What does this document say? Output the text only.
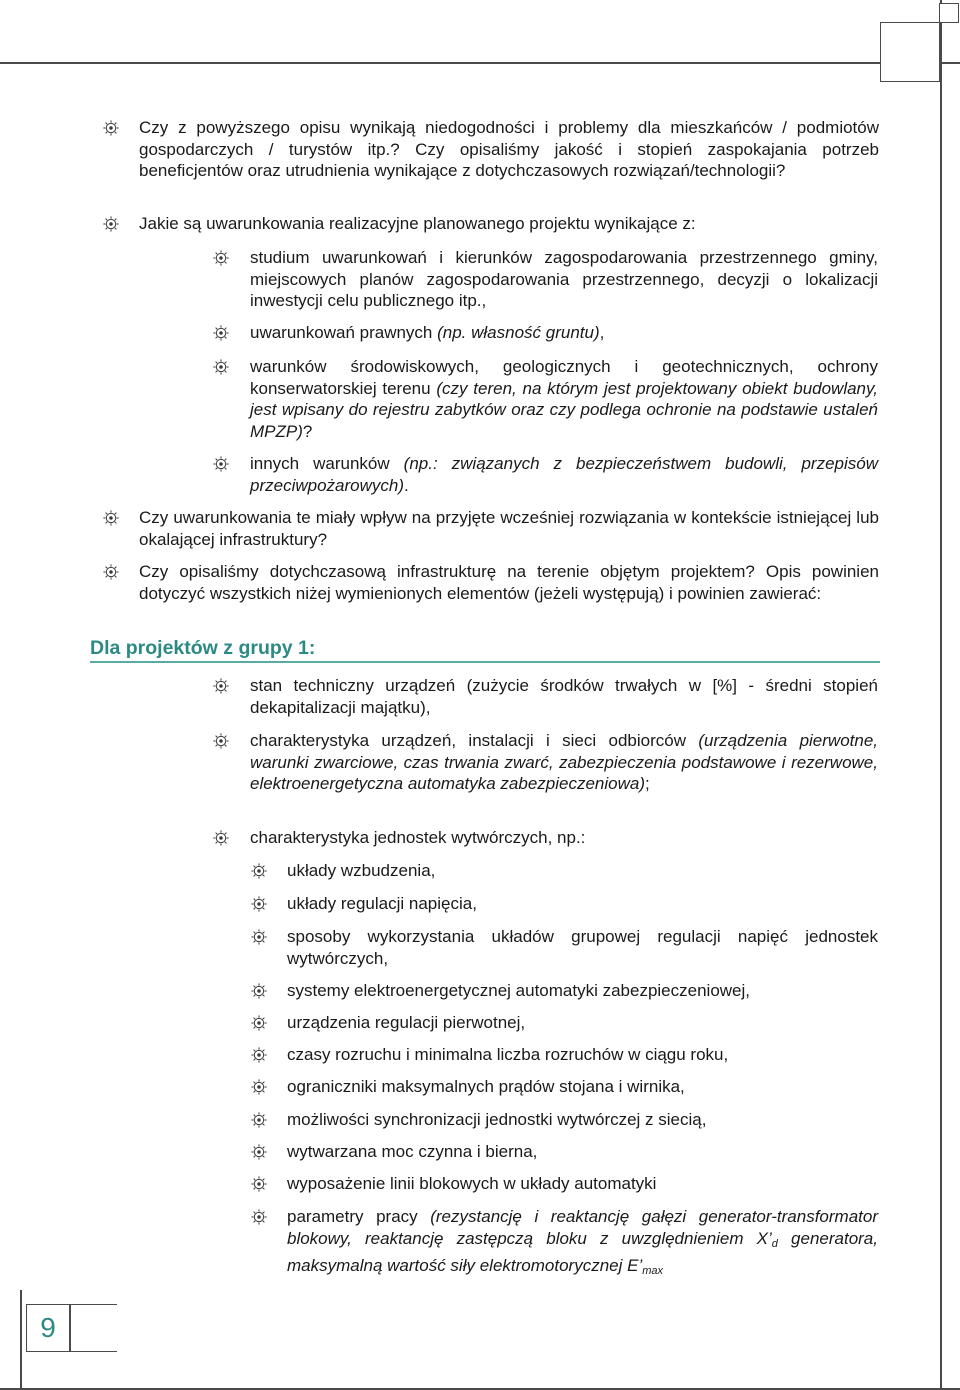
Czy z powyższego opisu wynikają niedogodności i problemy dla mieszkańców / podmiotów gospodarczych / turystów itp.? Czy opisaliśmy jakość i stopień zaspokajania potrzeb beneficjentów oraz utrudnienia wynikające z dotychczasowych rozwiązań/technologii?
Jakie są uwarunkowania realizacyjne planowanego projektu wynikające z:
studium uwarunkowań i kierunków zagospodarowania przestrzennego gminy, miejscowych planów zagospodarowania przestrzennego, decyzji o lokalizacji inwestycji celu publicznego itp.,
uwarunkowań prawnych (np. własność gruntu),
warunków środowiskowych, geologicznych i geotechnicznych, ochrony konserwatorskiej terenu (czy teren, na którym jest projektowany obiekt budowlany, jest wpisany do rejestru zabytków oraz czy podlega ochronie na podstawie ustaleń MPZP)?
innych warunków (np.: związanych z bezpieczeństwem budowli, przepisów przeciwpożarowych).
Czy uwarunkowania te miały wpływ na przyjęte wcześniej rozwiązania w kontekście istniejącej lub okalającej infrastruktury?
Czy opisaliśmy dotychczasową infrastrukturę na terenie objętym projektem? Opis powinien dotyczyć wszystkich niżej wymienionych elementów (jeżeli występują) i powinien zawierać:
Dla projektów z grupy 1:
stan techniczny urządzeń (zużycie środków trwałych w [%] - średni stopień dekapitalizacji majątku),
charakterystyka urządzeń, instalacji i sieci odbiorców (urządzenia pierwotne, warunki zwarciowe, czas trwania zwarć, zabezpieczenia podstawowe i rezerwowe, elektroenergetyczna automatyka zabezpieczeniowa);
charakterystyka jednostek wytwórczych, np.:
układy wzbudzenia,
układy regulacji napięcia,
sposoby wykorzystania układów grupowej regulacji napięć jednostek wytwórczych,
systemy elektroenergetycznej automatyki zabezpieczeniowej,
urządzenia regulacji pierwotnej,
czasy rozruchu i minimalna liczba rozruchów w ciągu roku,
ograniczniki maksymalnych prądów stojana i wirnika,
możliwości synchronizacji jednostki wytwórczej z siecią,
wytwarzana moc czynna i bierna,
wyposażenie linii blokowych w układy automatyki
parametry pracy (rezystancję i reaktancję gałęzi generator-transformator blokowy, reaktancję zastępczą bloku z uwzględnieniem $X’_d$ generatora, maksymalną wartość siły elektromotorycznej $E’_{max}$
9
